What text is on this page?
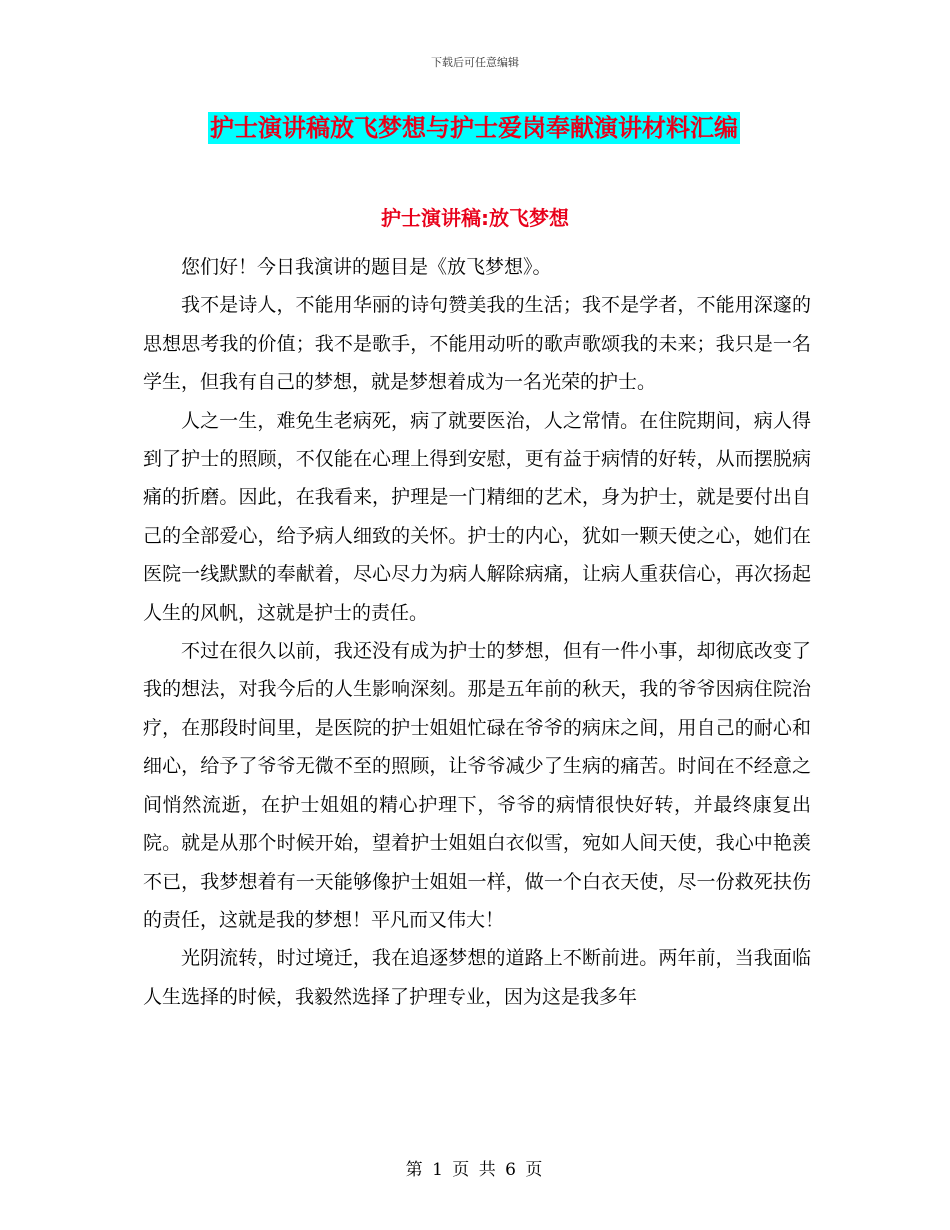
下载后可任意编辑
护士演讲稿放飞梦想与护士爱岗奉献演讲材料汇编
护士演讲稿:放飞梦想

您们好！今日我演讲的题目是《放飞梦想》。

我不是诗人，不能用华丽的诗句赞美我的生活；我不是学者，不能用深邃的思想思考我的价值；我不是歌手，不能用动听的歌声歌颂我的未来；我只是一名学生，但我有自己的梦想，就是梦想着成为一名光荣的护士。

人之一生，难免生老病死，病了就要医治，人之常情。在住院期间，病人得到了护士的照顾，不仅能在心理上得到安慰，更有益于病情的好转，从而摆脱病痛的折磨。因此，在我看来，护理是一门精细的艺术，身为护士，就是要付出自己的全部爱心，给予病人细致的关怀。护士的内心，犹如一颗天使之心，她们在医院一线默默的奉献着，尽心尽力为病人解除病痛，让病人重获信心，再次扬起人生的风帆，这就是护士的责任。

不过在很久以前，我还没有成为护士的梦想，但有一件小事，却彻底改变了我的想法，对我今后的人生影响深刻。那是五年前的秋天，我的爷爷因病住院治疗，在那段时间里，是医院的护士姐姐忙碌在爷爷的病床之间，用自己的耐心和细心，给予了爷爷无微不至的照顾，让爷爷减少了生病的痛苦。时间在不经意之间悄然流逝，在护士姐姐的精心护理下，爷爷的病情很快好转，并最终康复出院。就是从那个时候开始，望着护士姐姐白衣似雪，宛如人间天使，我心中艳羡不已，我梦想着有一天能够像护士姐姐一样，做一个白衣天使，尽一份救死扶伤的责任，这就是我的梦想！平凡而又伟大！

光阴流转，时过境迁，我在追逐梦想的道路上不断前进。两年前，当我面临人生选择的时候，我毅然选择了护理专业，因为这是我多年

第 1 页 共 6 页
